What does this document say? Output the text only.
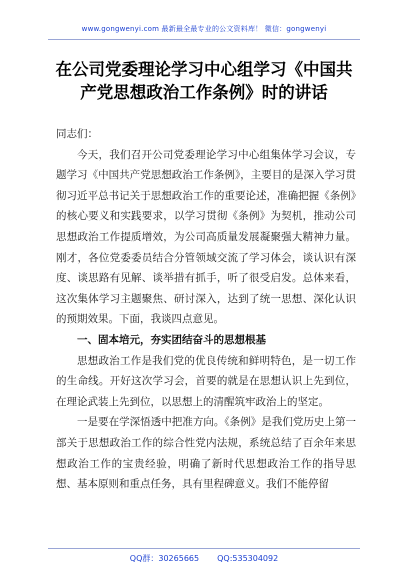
www.gongwenyi.com 最新最全最专业的公文资料库！ 微信：gongwenyi
在公司党委理论学习中心组学习《中国共
产党思想政治工作条例》时的讲话

同志们：

今天，我们召开公司党委理论学习中心组集体学习会议，专题学习《中国共产党思想政治工作条例》，主要目的是深入学习贯彻习近平总书记关于思想政治工作的重要论述，准确把握《条例》的核心要义和实践要求，以学习贯彻《条例》为契机，推动公司思想政治工作提质增效，为公司高质量发展凝聚强大精神力量。刚才，各位党委委员结合分管领域交流了学习体会，谈认识有深度、谈思路有见解、谈举措有抓手，听了很受启发。总体来看，这次集体学习主题聚焦、研讨深入，达到了统一思想、深化认识的预期效果。下面，我谈四点意见。

一、固本培元，夯实团结奋斗的思想根基

思想政治工作是我们党的优良传统和鲜明特色，是一切工作的生命线。开好这次学习会，首要的就是在思想认识上先到位，在理论武装上先到位，以思想上的清醒筑牢政治上的坚定。

一是要在学深悟透中把准方向。《条例》是我们党历史上第一部关于思想政治工作的综合性党内法规，系统总结了百余年来思想政治工作的宝贵经验，明确了新时代思想政治工作的指导思想、基本原则和重点任务，具有里程碑意义。我们不能停留

QQ群：30265665 QQ:535304092
